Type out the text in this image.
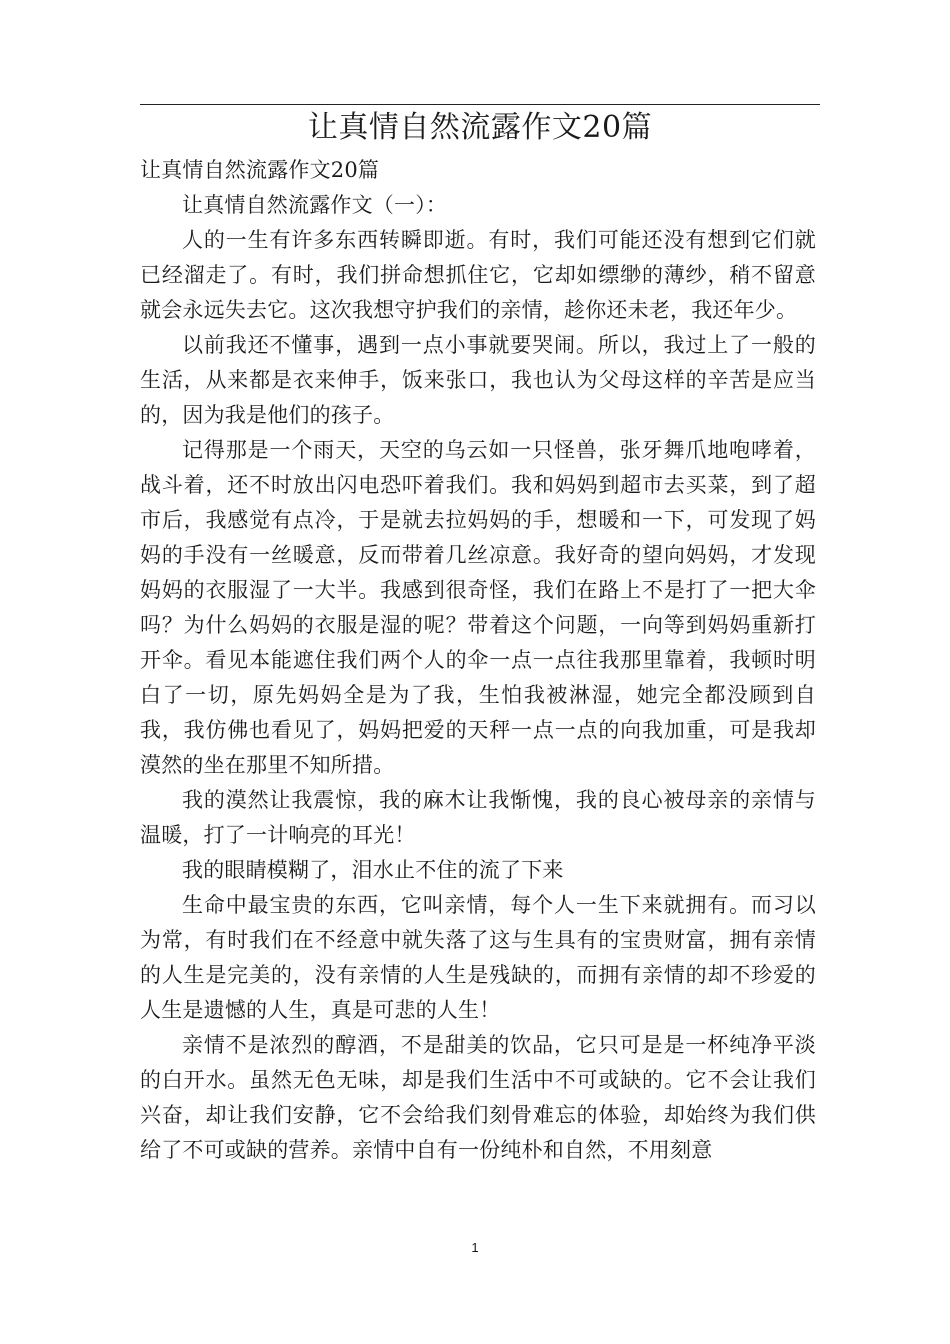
让真情自然流露作文20篇

让真情自然流露作文20篇

让真情自然流露作文（一）：

人的一生有许多东西转瞬即逝。有时，我们可能还没有想到它们就已经溜走了。有时，我们拼命想抓住它，它却如缥缈的薄纱，稍不留意就会永远失去它。这次我想守护我们的亲情，趁你还未老，我还年少。

以前我还不懂事，遇到一点小事就要哭闹。所以，我过上了一般的生活，从来都是衣来伸手，饭来张口，我也认为父母这样的辛苦是应当的，因为我是他们的孩子。

记得那是一个雨天，天空的乌云如一只怪兽，张牙舞爪地咆哮着，战斗着，还不时放出闪电恐吓着我们。我和妈妈到超市去买菜，到了超市后，我感觉有点冷，于是就去拉妈妈的手，想暖和一下，可发现了妈妈的手没有一丝暖意，反而带着几丝凉意。我好奇的望向妈妈，才发现妈妈的衣服湿了一大半。我感到很奇怪，我们在路上不是打了一把大伞吗？为什么妈妈的衣服是湿的呢？带着这个问题，一向等到妈妈重新打开伞。看见本能遮住我们两个人的伞一点一点往我那里靠着，我顿时明白了一切，原先妈妈全是为了我，生怕我被淋湿，她完全都没顾到自我，我仿佛也看见了，妈妈把爱的天秤一点一点的向我加重，可是我却漠然的坐在那里不知所措。

我的漠然让我震惊，我的麻木让我惭愧，我的良心被母亲的亲情与温暖，打了一计响亮的耳光！

我的眼睛模糊了，泪水止不住的流了下来

生命中最宝贵的东西，它叫亲情，每个人一生下来就拥有。而习以为常，有时我们在不经意中就失落了这与生具有的宝贵财富，拥有亲情的人生是完美的，没有亲情的人生是残缺的，而拥有亲情的却不珍爱的人生是遗憾的人生，真是可悲的人生！

亲情不是浓烈的醇酒，不是甜美的饮品，它只可是是一杯纯净平淡的白开水。虽然无色无味，却是我们生活中不可或缺的。它不会让我们兴奋，却让我们安静，它不会给我们刻骨难忘的体验，却始终为我们供给了不可或缺的营养。亲情中自有一份纯朴和自然，不用刻意

1
